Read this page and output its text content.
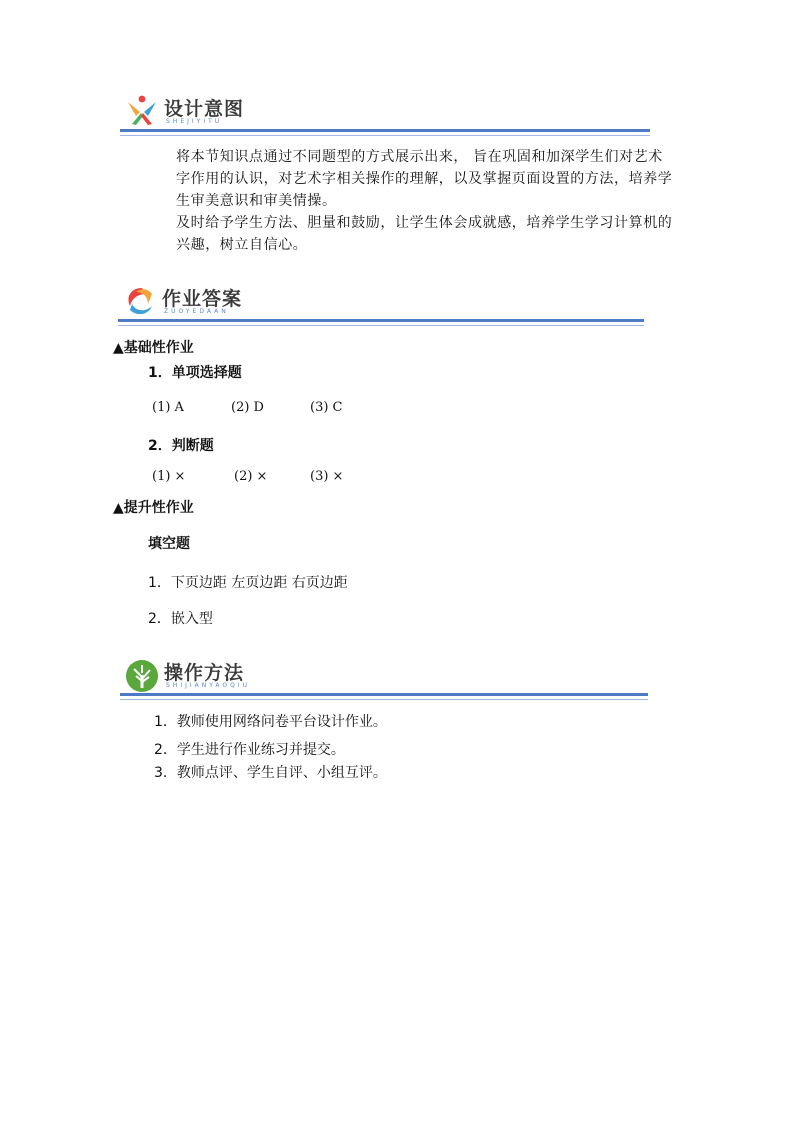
设计意图
SHEJIYITU
将本节知识点通过不同题型的方式展示出来， 旨在巩固和加深学生们对艺术字作用的认识，对艺术字相关操作的理解，以及掌握页面设置的方法，培养学生审美意识和审美情操。
及时给予学生方法、胆量和鼓励，让学生体会成就感，培养学生学习计算机的兴趣，树立自信心。
作业答案
ZUOYEDAAN
▲基础性作业
1．单项选择题
(1) A	(2) D	(3) C
2．判断题
(1) ×	(2) ×	(3) ×
▲提升性作业
填空题
1．下页边距 左页边距 右页边距
2．嵌入型
操作方法
SHIJIANYAOQIU
1．教师使用网络问卷平台设计作业。
2．学生进行作业练习并提交。
3．教师点评、学生自评、小组互评。
